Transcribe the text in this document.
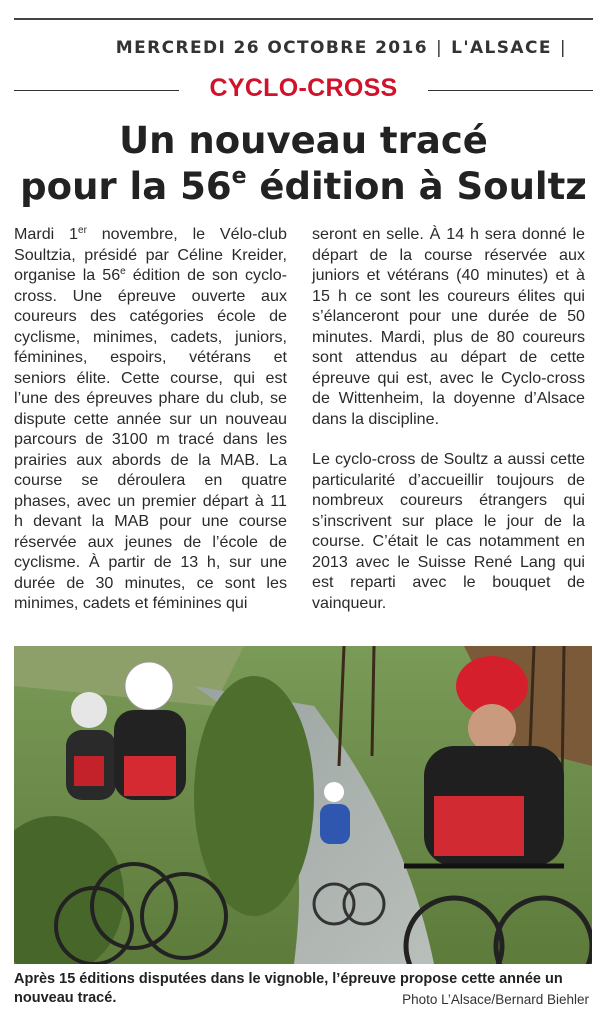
MERCREDI 26 OCTOBRE 2016 | L'ALSACE |
CYCLO-CROSS
Un nouveau tracé
pour la 56e édition à Soultz

Mardi 1er novembre, le Vélo-club Soultzia, présidé par Céline Kreider, organise la 56e édition de son cyclo-cross. Une épreuve ouverte aux coureurs des catégories école de cyclisme, minimes, cadets, juniors, féminines, espoirs, vétérans et seniors élite. Cette course, qui est l’une des épreuves phare du club, se dispute cette année sur un nouveau parcours de 3100 m tracé dans les prairies aux abords de la MAB. La course se déroulera en quatre phases, avec un premier départ à 11 h devant la MAB pour une course réservée aux jeunes de l’école de cyclisme. À partir de 13 h, sur une durée de 30 minutes, ce sont les minimes, cadets et féminines qui

seront en selle. À 14 h sera donné le départ de la course réservée aux juniors et vétérans (40 minutes) et à 15 h ce sont les coureurs élites qui s’élanceront pour une durée de 50 minutes. Mardi, plus de 80 coureurs sont attendus au départ de cette épreuve qui est, avec le Cyclo-cross de Wittenheim, la doyenne d’Alsace dans la discipline.

Le cyclo-cross de Soultz a aussi cette particularité d’accueillir toujours de nombreux coureurs étrangers qui s’inscrivent sur place le jour de la course. C’était le cas notamment en 2013 avec le Suisse René Lang qui est reparti avec le bouquet de vainqueur.

Après 15 éditions disputées dans le vignoble, l’épreuve propose cette année un nouveau tracé.	Photo L’Alsace/Bernard Biehler
